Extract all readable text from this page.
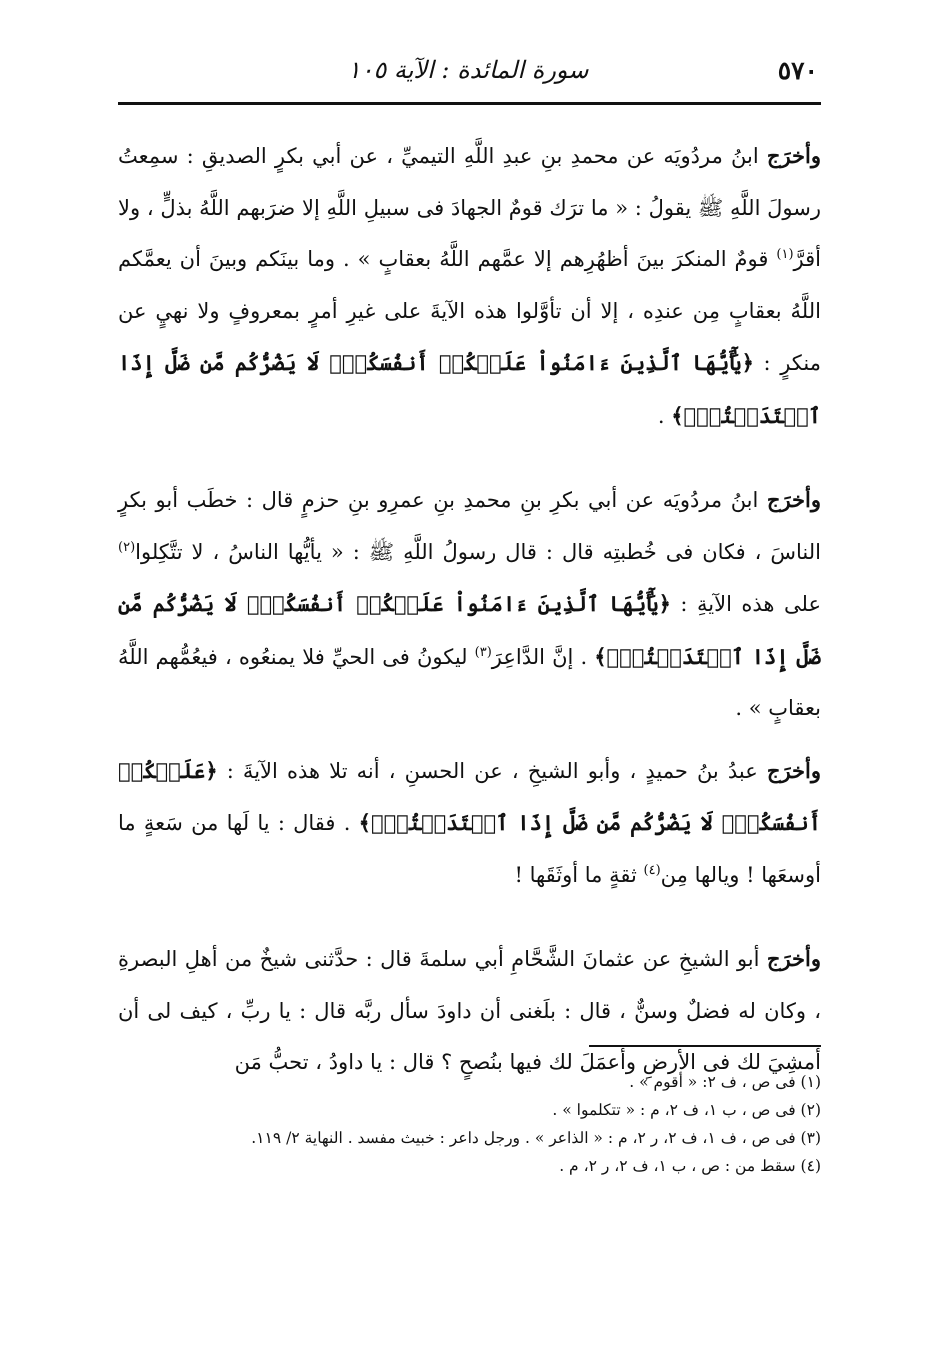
٥٧٠
سورة المائدة : الآية ١٠٥

وأخرَج ابنُ مردُويَه عن محمدِ بنِ عبدِ اللَّهِ التيميِّ ، عن أبي بكرٍ الصديقِ : سمِعتُ رسولَ اللَّهِ ﷺ يقولُ : « ما ترَك قومٌ الجهادَ فى سبيلِ اللَّهِ إلا ضرَبهم اللَّهُ بذلٍّ ، ولا أقرَّ$^{(١)}$ قومٌ المنكرَ بينَ أظهُرِهم إلا عمَّهم اللَّهُ بعقابٍ » . وما بينَكم وبينَ أن يعمَّكم اللَّهُ بعقابٍ مِن عندِه ، إلا أن تأوَّلوا هذه الآيةَ على غيرِ أمرٍ بمعروفٍ ولا نهيٍ عن منكرٍ : ﴿يَٰٓأَيُّهَا ٱلَّذِينَ ءَامَنُواْ عَلَيۡكُمۡ أَنفُسَكُمۡۖ لَا يَضُرُّكُم مَّن ضَلَّ إِذَا ٱهۡتَدَيۡتُمۡۚ﴾ .

وأخرَج ابنُ مردُويَه عن أبي بكرِ بنِ محمدِ بنِ عمرِو بنِ حزمٍ قال : خطَب أبو بكرٍ الناسَ ، فكان فى خُطبتِه قال : قال رسولُ اللَّهِ ﷺ : « يأيُّها الناسُ ، لا تتَّكِلوا$^{(٢)}$ على هذه الآيةِ : ﴿يَٰٓأَيُّهَا ٱلَّذِينَ ءَامَنُواْ عَلَيۡكُمۡ أَنفُسَكُمۡۖ لَا يَضُرُّكُم مَّن ضَلَّ إِذَا ٱهۡتَدَيۡتُمۡۚ﴾ . إنَّ الدَّاعِرَ$^{(٣)}$ ليكونُ فى الحيِّ فلا يمنعُوه ، فيعُمُّهم اللَّهُ بعقابٍ » .

وأخرَج عبدُ بنُ حميدٍ ، وأبو الشيخِ ، عن الحسنِ ، أنه تلا هذه الآيةَ : ﴿عَلَيۡكُمۡ أَنفُسَكُمۡۖ لَا يَضُرُّكُم مَّن ضَلَّ إِذَا ٱهۡتَدَيۡتُمۡۚ﴾ . فقال : يا لَها من سَعةٍ ما أوسعَها ! ويالها مِن$^{(٤)}$ ثقةٍ ما أوثَقَها !

وأخرَج أبو الشيخِ عن عثمانَ الشَّحَّامِ أبي سلمةَ قال : حدَّثنى شيخٌ من أهلِ البصرةِ ، وكان له فضلٌ وسنٌّ ، قال : بلَغنى أن داودَ سأل ربَّه قال : يا ربِّ ، كيف لى أن أمشِيَ لك فى الأرضِ وأعمَلَ لك فيها بنُصحٍ ؟ قال : يا داودُ ، تحبُّ مَن

(١) فى ص ، ف ٢: « أقوم » .

(٢) فى ص ، ب ١، ف ٢، م : « تتكلموا » .

(٣) فى ص ، ف ١، ف ٢، ر ٢، م : « الذاعر » . ورجل داعر : خبيث مفسد . النهاية ٢/ ١١٩.

(٤) سقط من : ص ، ب ١، ف ٢، ر ٢، م .
